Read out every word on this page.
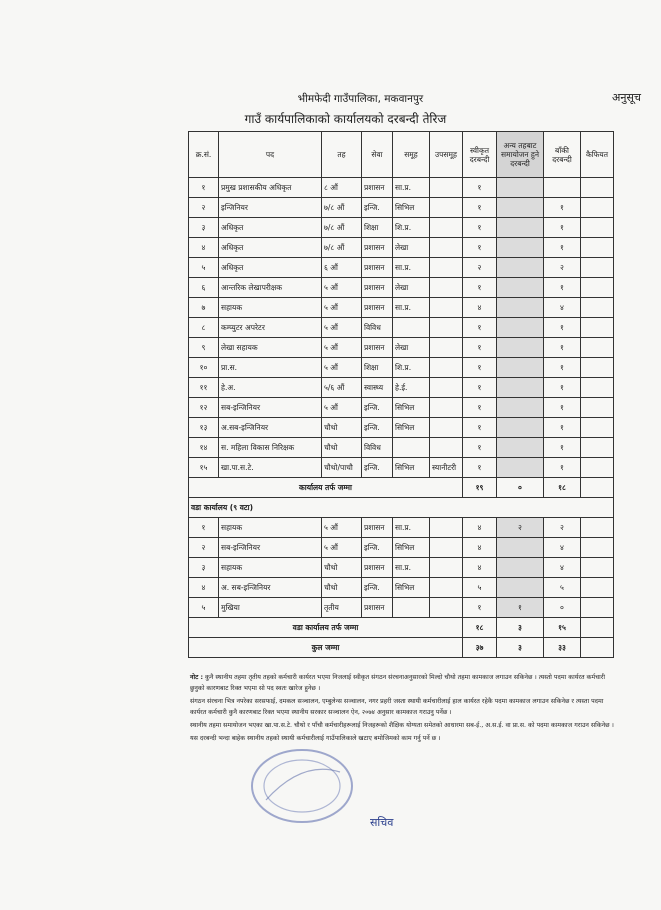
भीमफेदी गाउँपालिका, मकवानपुर	अनुसूच
गाउँ कार्यपालिकाको कार्यालयको दरबन्दी तेरिज
क्र.सं.	पद	तह	सेवा	समूह	उपसमूह	स्वीकृत दरबन्दी	अन्य तहबाट समायोजन हुने दरबन्दी	बाँकी दरबन्दी	कैफियत
१	प्रमुख प्रशासकीय अधिकृत	८ औं	प्रशासन	सा.प्र.		१			
२	इन्जिनियर	७/८ औं	इन्जि.	सिभिल		१		१	
३	अधिकृत	७/८ औं	शिक्षा	शि.प्र.		१		१	
४	अधिकृत	७/८ औं	प्रशासन	लेखा		१		१	
५	अधिकृत	६ औं	प्रशासन	सा.प्र.		२		२	
६	आन्तरिक लेखापरीक्षक	५ औं	प्रशासन	लेखा		१		१	
७	सहायक	५ औं	प्रशासन	सा.प्र.		४		४	
८	कम्प्युटर अपरेटर	५ औं	विविध			१		१	
९	लेखा सहायक	५ औं	प्रशासन	लेखा		१		१	
१०	प्रा.स.	५ औं	शिक्षा	शि.प्र.		१		१	
११	हे.अ.	५/६ औं	स्वास्थ्य	हे.ई.		१		१	
१२	सब-इन्जिनियर	५ औं	इन्जि.	सिभिल		१		१	
१३	अ.सब-इन्जिनियर	चौथो	इन्जि.	सिभिल		१		१	
१४	स. महिला विकास निरिक्षक	चौथो	विविध			१		१	
१५	खा.पा.स.टे.	चौथो/पाचौ	इन्जि.	सिभिल	स्यानीटरी	१		१	
कार्यालय तर्फ जम्मा						१९	०	१८	
वडा कार्यालय (९ वटा)									
१	सहायक	५ औं	प्रशासन	सा.प्र.		४	२	२	
२	सब-इन्जिनियर	५ औं	इन्जि.	सिभिल		४		४	
३	सहायक	चौथो	प्रशासन	सा.प्र.		४		४	
४	अ. सब-इन्जिनियर	चौथो	इन्जि.	सिभिल		५		५	
५	मुखिया	तृतीय	प्रशासन			१	१	०	
वडा कार्यालय तर्फ जम्मा						१८	३	१५	
कुल जम्मा						३७	३	३३	

नोट : कुनै स्थानीय तहमा तृतीय तहको कर्मचारी कार्यरत भएमा निजलाई स्वीकृत संगठन संरचनाअनुसारको मिल्दो चौथो तहमा कामकाज लगाउन सकिनेछ । त्यस्तो पदमा कार्यरत कर्मचारी छुनुको कारणबाट रिक्त भएमा सो पद स्वतः खारेज हुनेछ ।

संगठन संरचना भित्र नपरेका सरसफाई, दमकल सञ्चालन, एम्बुलेन्स सञ्चालन, नगर प्रहरी जस्ता स्थायी कर्मचारीलाई हाल कार्यरत रहेकै पदमा कामकाज लगाउन सकिनेछ र त्यस्ता पदमा कार्यरत कर्मचारी कुनै कारणबाट रिक्त भएमा स्थानीय सरकार सञ्चालन ऐन, २०७४ अनुसार कामकाज गराउनु पर्नेछ ।

स्थानीय तहमा समायोजन भएका खा.पा.स.टे. चौथो र पाँचौ कर्मचारीहरूलाई निजहरूको शैक्षिक योग्यता समेतको आधारमा सब-ई., अ.स.ई. वा प्रा.स. को पदमा कामकाज गराउन सकिनेछ ।

यस दरबन्दी भन्दा बाहेक स्थानीय तहको स्थायी कर्मचारीलाई गाउँपालिकाले खटाए बमोजिमको काम गर्नु पर्ने छ ।

सचिव
